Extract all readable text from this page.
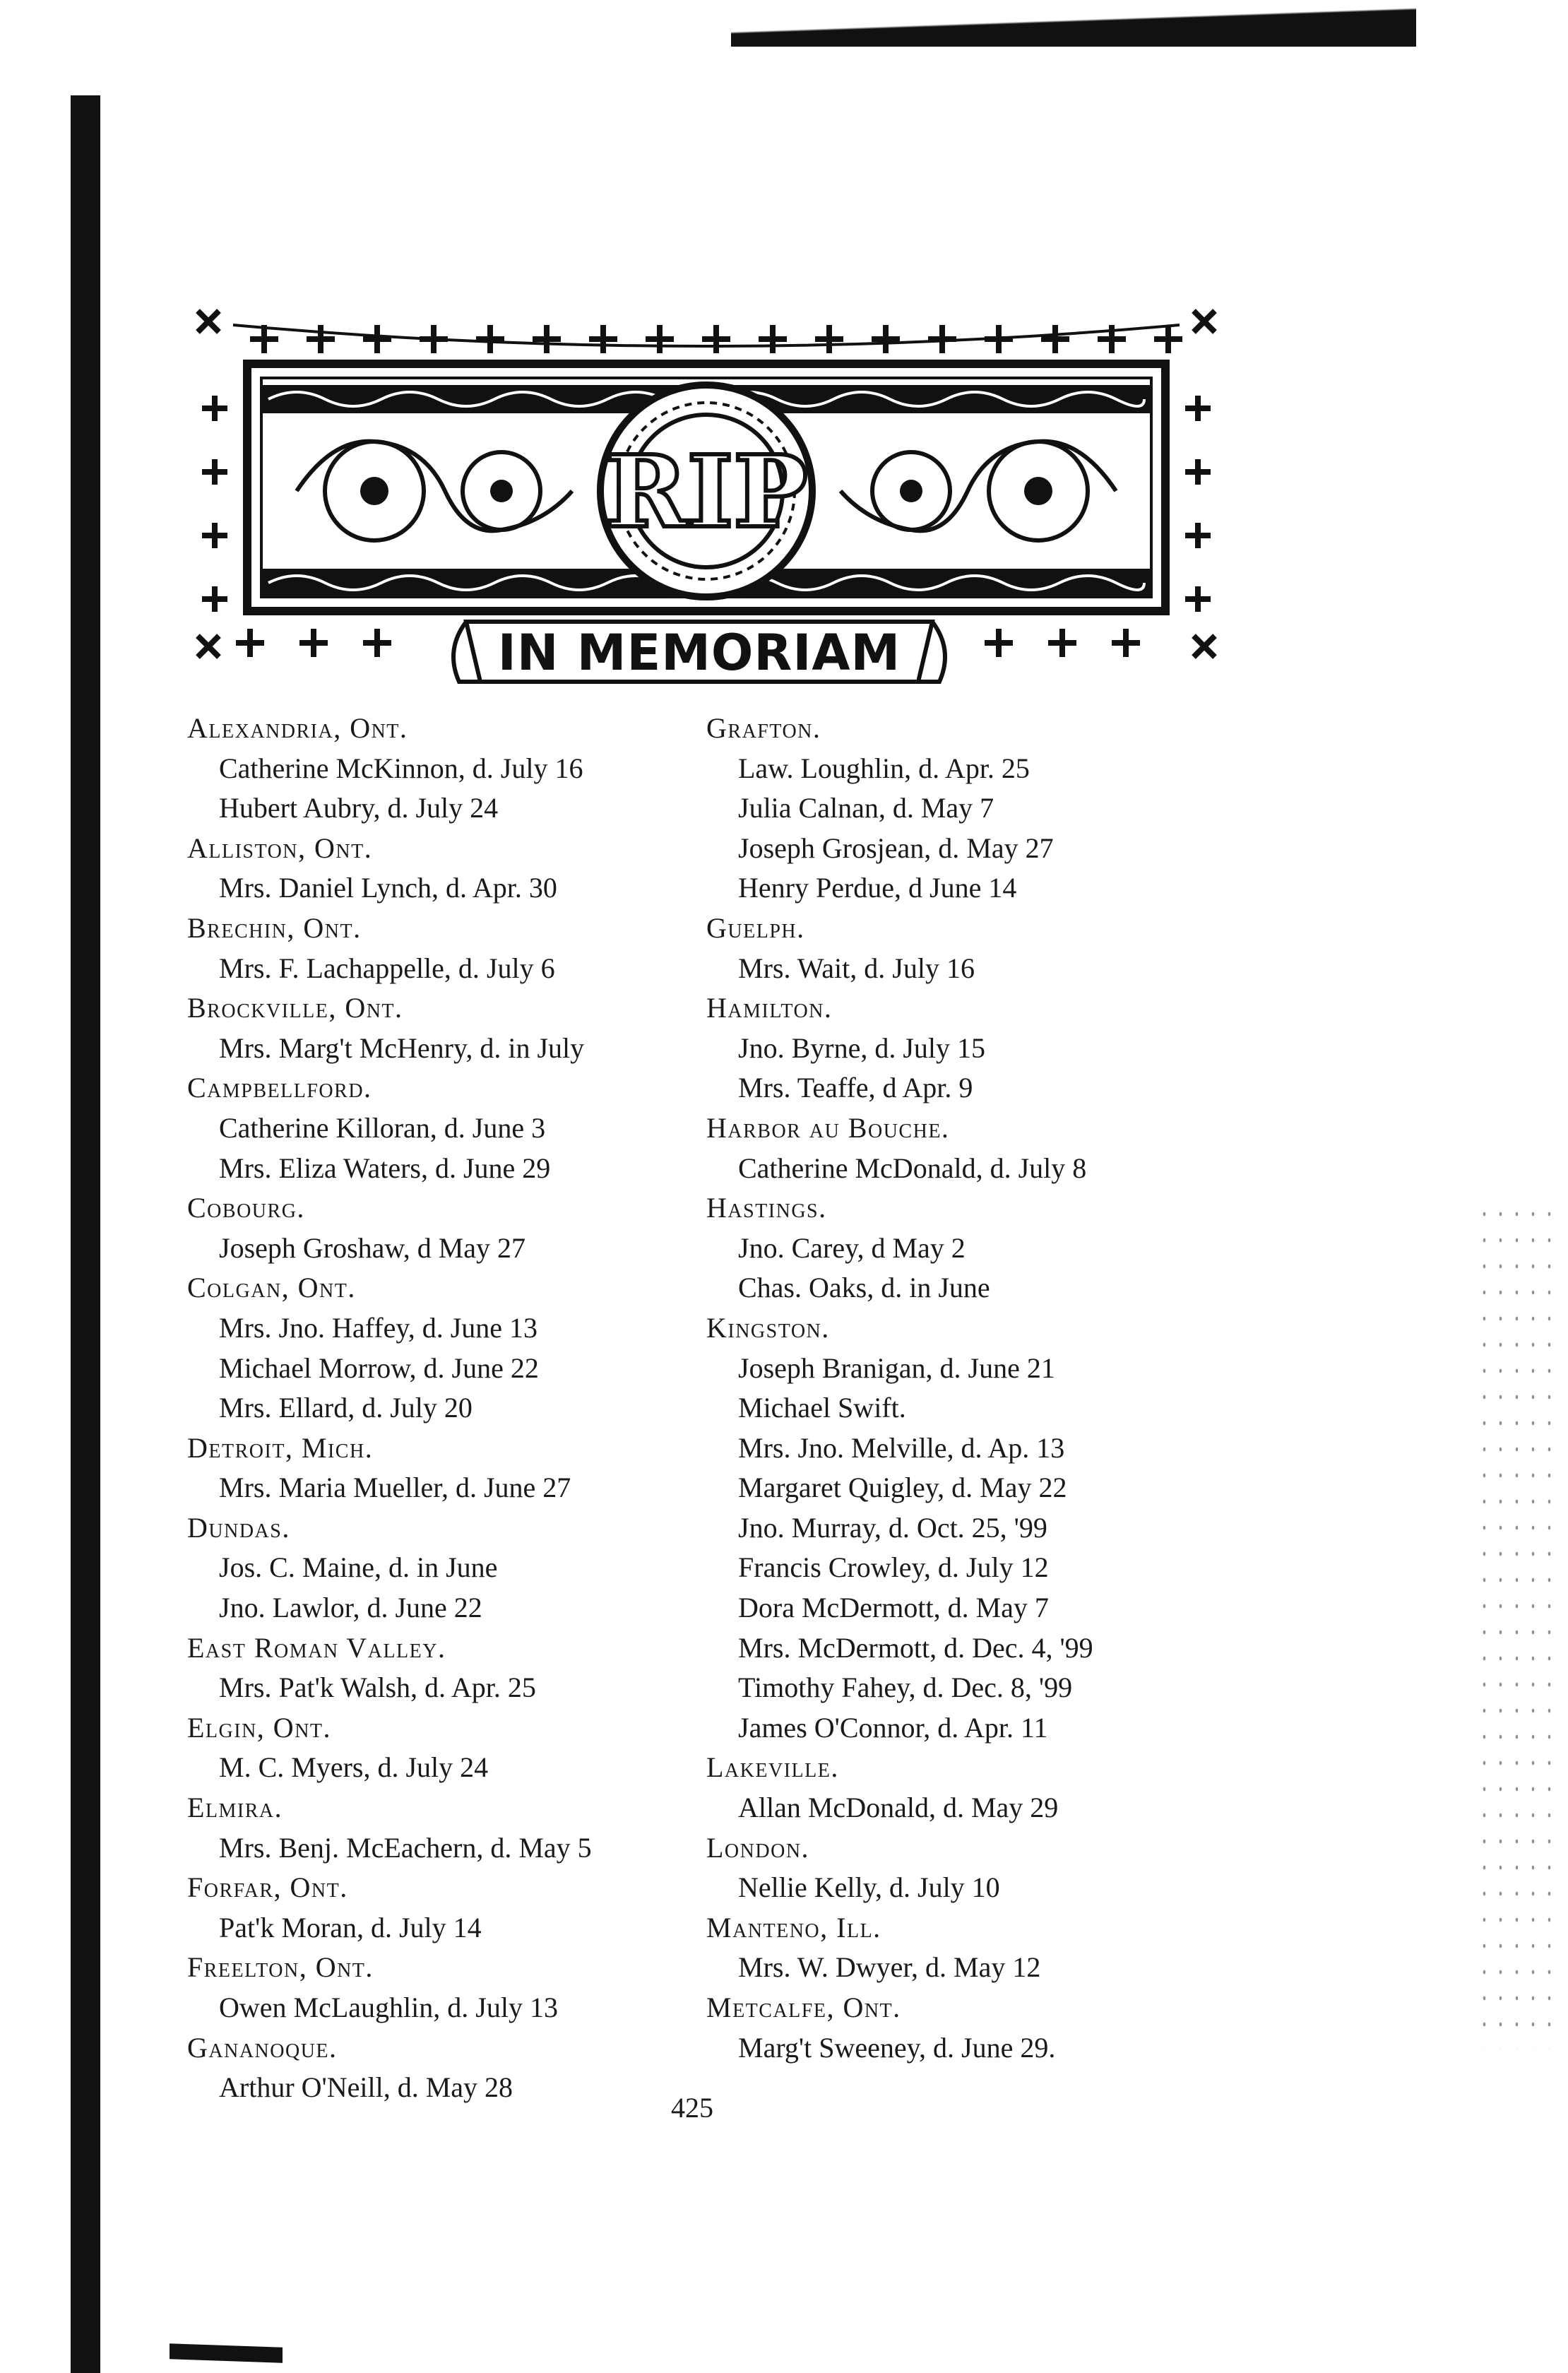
RIP
IN MEMORIAM
Alexandria, Ont.
Catherine McKinnon, d. July 16
Hubert Aubry, d. July 24
Alliston, Ont.
Mrs. Daniel Lynch, d. Apr. 30
Brechin, Ont.
Mrs. F. Lachappelle, d. July 6
Brockville, Ont.
Mrs. Marg't McHenry, d. in July
Campbellford.
Catherine Killoran, d. June 3
Mrs. Eliza Waters, d. June 29
Cobourg.
Joseph Groshaw, d May 27
Colgan, Ont.
Mrs. Jno. Haffey, d. June 13
Michael Morrow, d. June 22
Mrs. Ellard, d. July 20
Detroit, Mich.
Mrs. Maria Mueller, d. June 27
Dundas.
Jos. C. Maine, d. in June
Jno. Lawlor, d. June 22
East Roman Valley.
Mrs. Pat'k Walsh, d. Apr. 25
Elgin, Ont.
M. C. Myers, d. July 24
Elmira.
Mrs. Benj. McEachern, d. May 5
Forfar, Ont.
Pat'k Moran, d. July 14
Freelton, Ont.
Owen McLaughlin, d. July 13
Gananoque.
Arthur O'Neill, d. May 28
Grafton.
Law. Loughlin, d. Apr. 25
Julia Calnan, d. May 7
Joseph Grosjean, d. May 27
Henry Perdue, d June 14
Guelph.
Mrs. Wait, d. July 16
Hamilton.
Jno. Byrne, d. July 15
Mrs. Teaffe, d Apr. 9
Harbor au Bouche.
Catherine McDonald, d. July 8
Hastings.
Jno. Carey, d May 2
Chas. Oaks, d. in June
Kingston.
Joseph Branigan, d. June 21
Michael Swift.
Mrs. Jno. Melville, d. Ap. 13
Margaret Quigley, d. May 22
Jno. Murray, d. Oct. 25, '99
Francis Crowley, d. July 12
Dora McDermott, d. May 7
Mrs. McDermott, d. Dec. 4, '99
Timothy Fahey, d. Dec. 8, '99
James O'Connor, d. Apr. 11
Lakeville.
Allan McDonald, d. May 29
London.
Nellie Kelly, d. July 10
Manteno, Ill.
Mrs. W. Dwyer, d. May 12
Metcalfe, Ont.
Marg't Sweeney, d. June 29.
425
